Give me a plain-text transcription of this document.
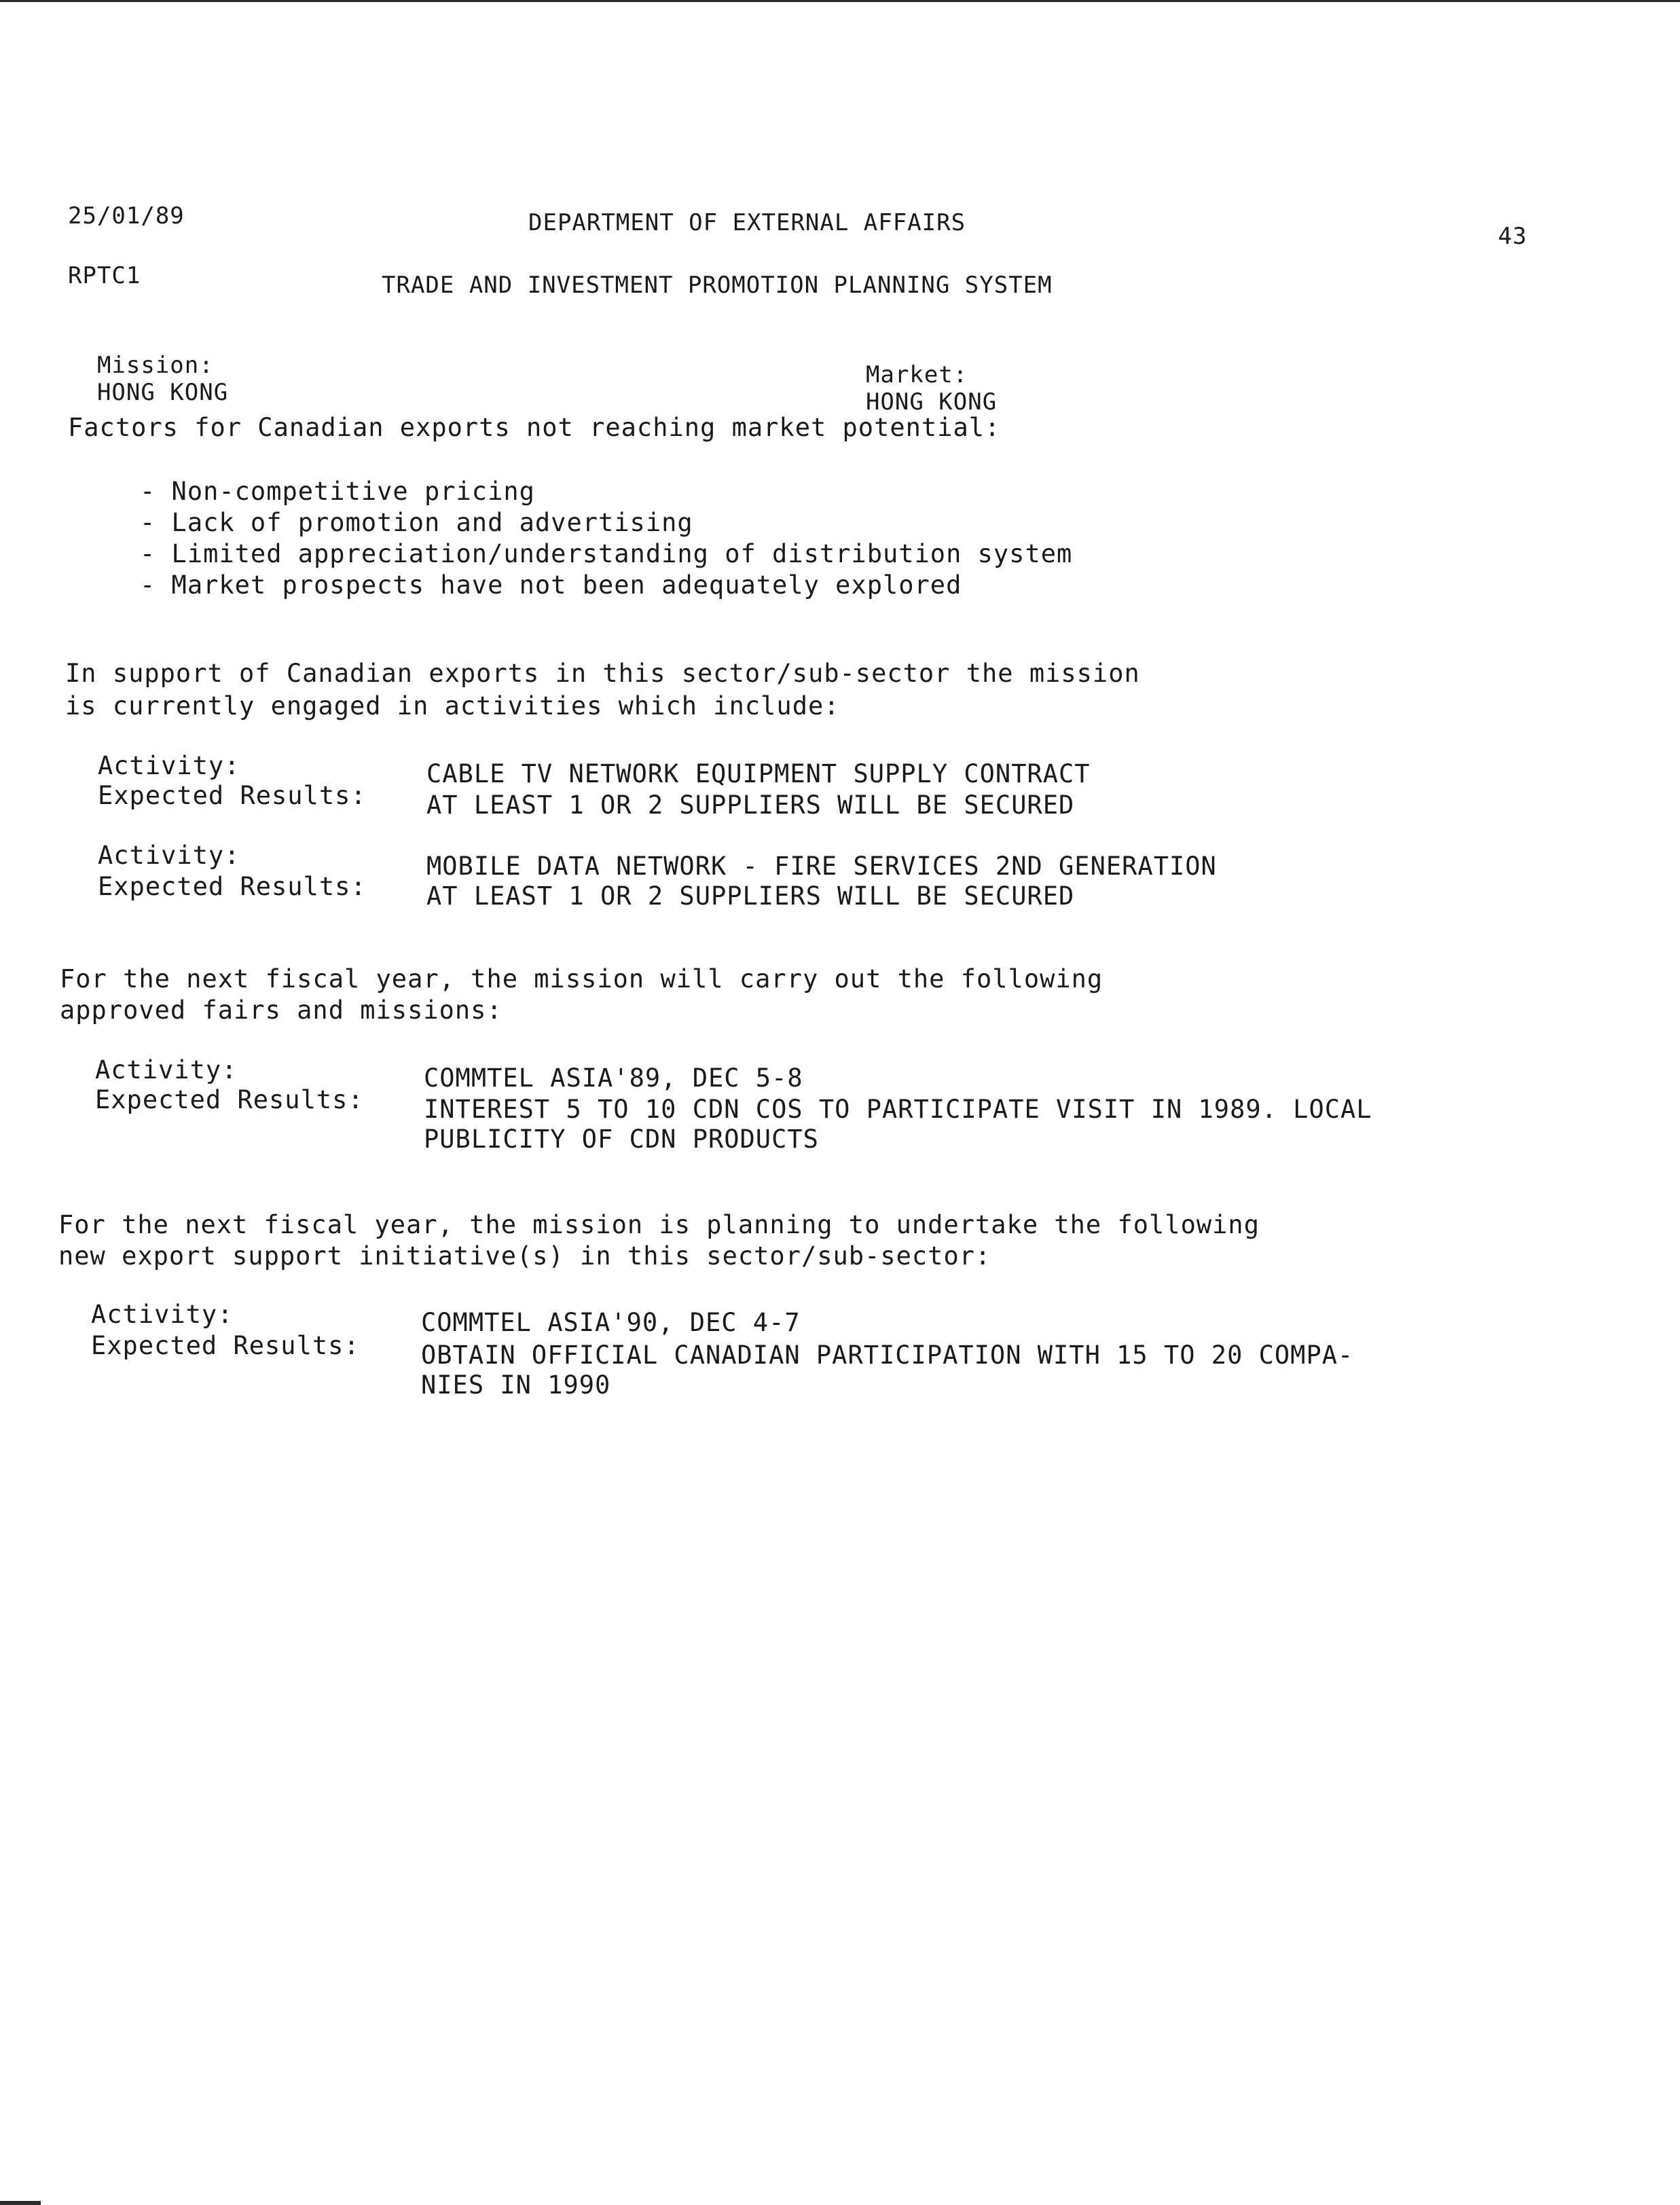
25/01/89	DEPARTMENT OF EXTERNAL AFFAIRS	43
RPTC1	TRADE AND INVESTMENT PROMOTION PLANNING SYSTEM

Mission:
HONG KONG

Market:
HONG KONG

Factors for Canadian exports not reaching market potential:
- Non-competitive pricing
- Lack of promotion and advertising
- Limited appreciation/understanding of distribution system
- Market prospects have not been adequately explored
In support of Canadian exports in this sector/sub-sector the mission
is currently engaged in activities which include:
Activity:	CABLE TV NETWORK EQUIPMENT SUPPLY CONTRACT
Expected Results: AT LEAST 1 OR 2 SUPPLIERS WILL BE SECURED
Activity:	MOBILE DATA NETWORK - FIRE SERVICES 2ND GENERATION
Expected Results: AT LEAST 1 OR 2 SUPPLIERS WILL BE SECURED
For the next fiscal year, the mission will carry out the following
approved fairs and missions:
Activity:	COMMTEL ASIA'89, DEC 5-8
Expected Results: INTEREST 5 TO 10 CDN COS TO PARTICIPATE VISIT IN 1989. LOCAL
PUBLICITY OF CDN PRODUCTS
For the next fiscal year, the mission is planning to undertake the following
new export support initiative(s) in this sector/sub-sector:
Activity:	COMMTEL ASIA'90, DEC 4-7
Expected Results: OBTAIN OFFICIAL CANADIAN PARTICIPATION WITH 15 TO 20 COMPA-
NIES IN 1990
